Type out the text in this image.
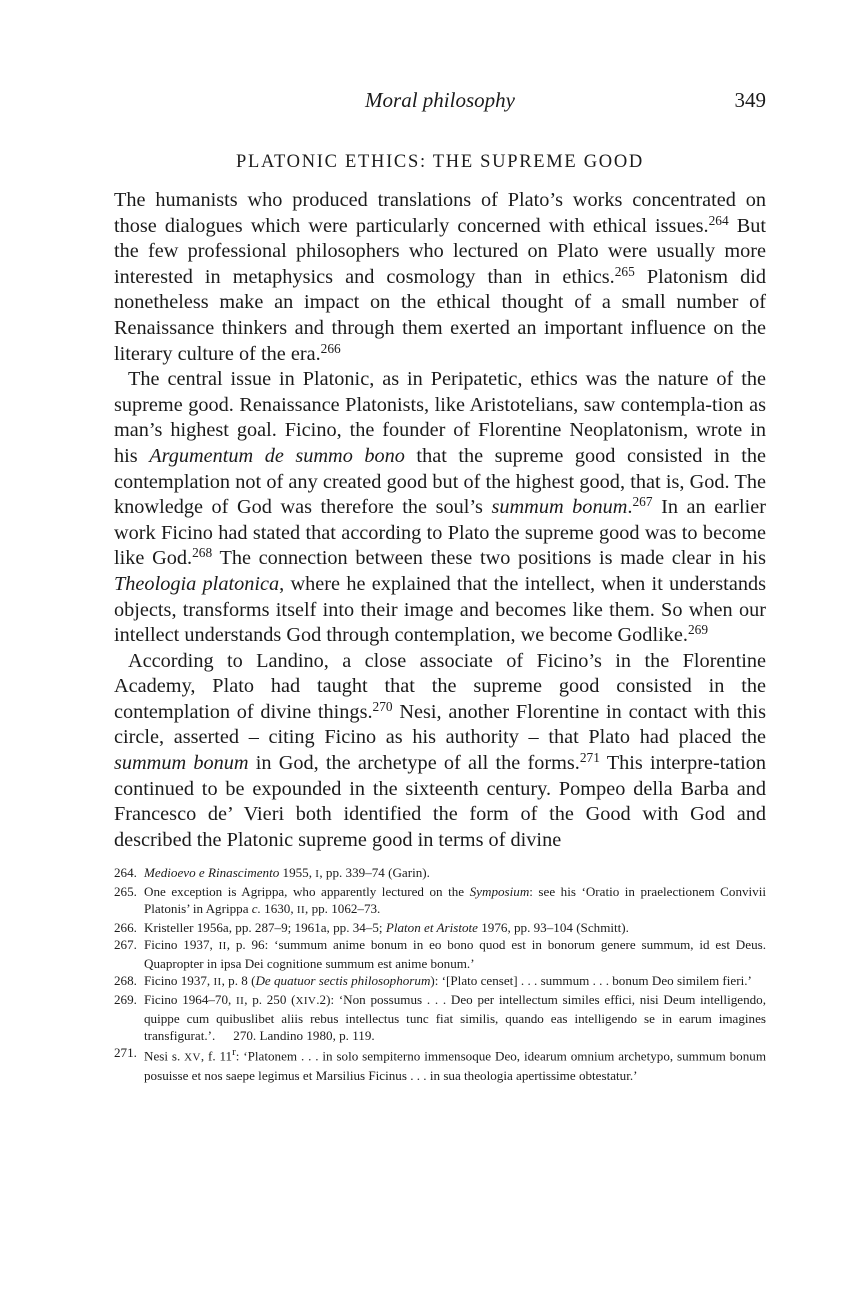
Moral philosophy	349
PLATONIC ETHICS: THE SUPREME GOOD

The humanists who produced translations of Plato’s works concentrated on those dialogues which were particularly concerned with ethical issues.$^{264}$ But the few professional philosophers who lectured on Plato were usually more interested in metaphysics and cosmology than in ethics.$^{265}$ Platonism did nonetheless make an impact on the ethical thought of a small number of Renaissance thinkers and through them exerted an important influence on the literary culture of the era.$^{266}$

The central issue in Platonic, as in Peripatetic, ethics was the nature of the supreme good. Renaissance Platonists, like Aristotelians, saw contempla-tion as man’s highest goal. Ficino, the founder of Florentine Neoplatonism, wrote in his Argumentum de summo bono that the supreme good consisted in the contemplation not of any created good but of the highest good, that is, God. The knowledge of God was therefore the soul’s summum bonum.$^{267}$ In an earlier work Ficino had stated that according to Plato the supreme good was to become like God.$^{268}$ The connection between these two positions is made clear in his Theologia platonica, where he explained that the intellect, when it understands objects, transforms itself into their image and becomes like them. So when our intellect understands God through contemplation, we become Godlike.$^{269}$

According to Landino, a close associate of Ficino’s in the Florentine Academy, Plato had taught that the supreme good consisted in the contemplation of divine things.$^{270}$ Nesi, another Florentine in contact with this circle, asserted – citing Ficino as his authority – that Plato had placed the summum bonum in God, the archetype of all the forms.$^{271}$ This interpre-tation continued to be expounded in the sixteenth century. Pompeo della Barba and Francesco de’ Vieri both identified the form of the Good with God and described the Platonic supreme good in terms of divine

264. Medioevo e Rinascimento 1955, I, pp. 339–74 (Garin).
265. One exception is Agrippa, who apparently lectured on the Symposium: see his ‘Oratio in praelectionem Convivii Platonis’ in Agrippa c. 1630, II, pp. 1062–73.
266. Kristeller 1956a, pp. 287–9; 1961a, pp. 34–5; Platon et Aristote 1976, pp. 93–104 (Schmitt).
267. Ficino 1937, II, p. 96: ‘summum anime bonum in eo bono quod est in bonorum genere summum, id est Deus. Quapropter in ipsa Dei cognitione summum est anime bonum.’
268. Ficino 1937, II, p. 8 (De quatuor sectis philosophorum): ‘[Plato censet] . . . summum . . . bonum Deo similem fieri.’
269. Ficino 1964–70, II, p. 250 (XIV.2): ‘Non possumus . . . Deo per intellectum similes effici, nisi Deum intelligendo, quippe cum quibuslibet aliis rebus intellectus tunc fiat similis, quando eas intelligendo se in earum imagines transfigurat.’. 270. Landino 1980, p. 119.
271. Nesi s. XV, f. 11$^r$: ‘Platonem . . . in solo sempiterno immensoque Deo, idearum omnium archetypo, summum bonum posuisse et nos saepe legimus et Marsilius Ficinus . . . in sua theologia apertissime obtestatur.’
